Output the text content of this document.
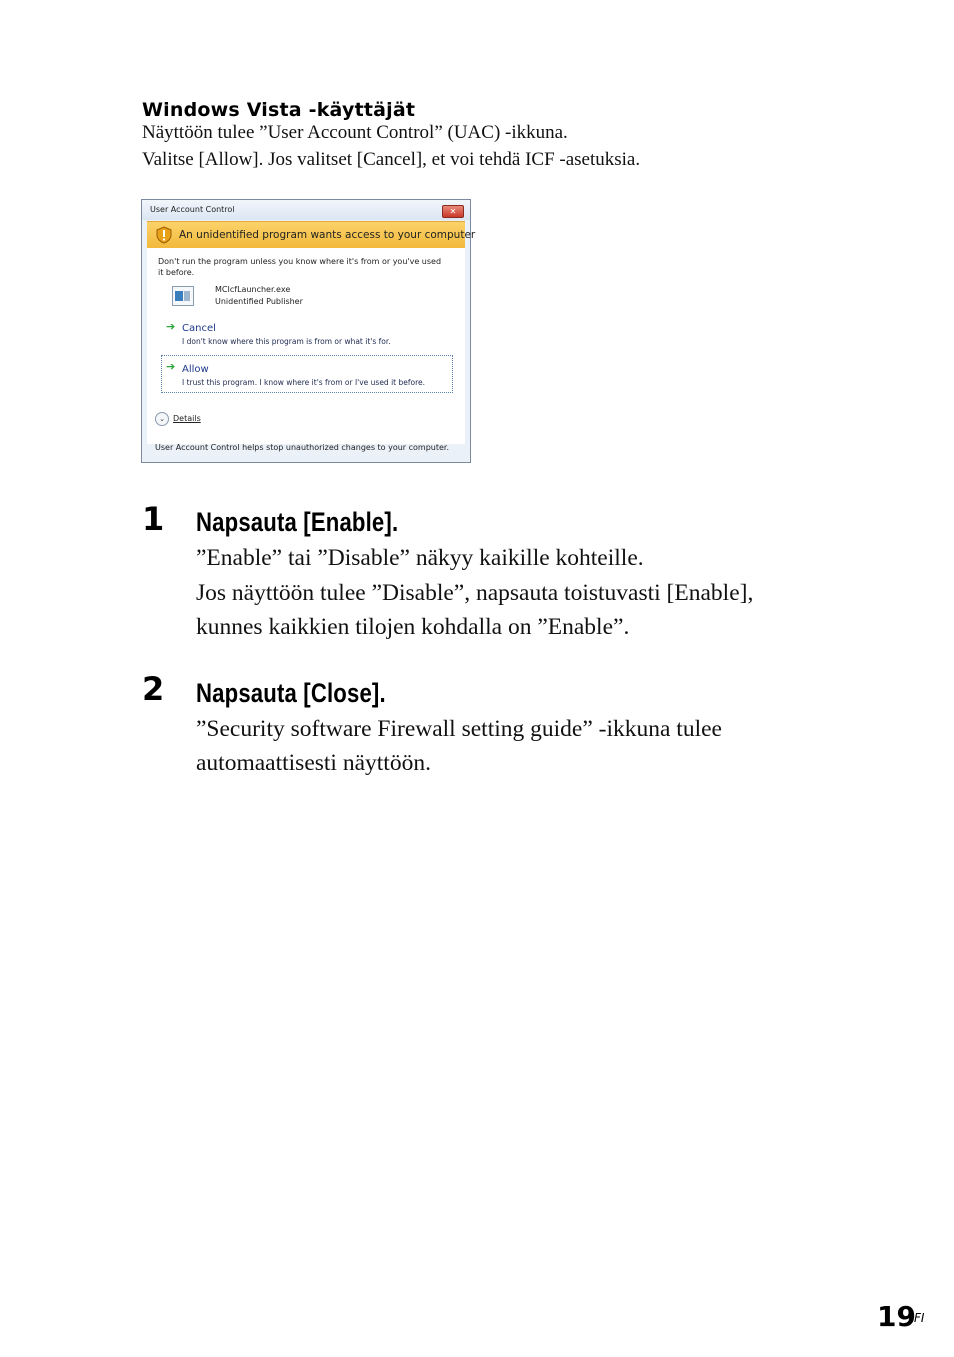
Windows Vista -käyttäjät
Näyttöön tulee ”User Account Control” (UAC) -ikkuna.
Valitse [Allow]. Jos valitset [Cancel], et voi tehdä ICF -asetuksia.
User Account Control	✕
An unidentified program wants access to your computer
Don't run the program unless you know where it's from or you've used it before.
MCIcfLauncher.exe
Unidentified Publisher
➔ Cancel
I don't know where this program is from or what it's for.
➔ Allow
I trust this program. I know where it's from or I've used it before.
⌄	Details
User Account Control helps stop unauthorized changes to your computer.
1 Napsauta [Enable].
”Enable” tai ”Disable” näkyy kaikille kohteille.
Jos näyttöön tulee ”Disable”, napsauta toistuvasti [Enable],
kunnes kaikkien tilojen kohdalla on ”Enable”.
2 Napsauta [Close].
”Security software Firewall setting guide” -ikkuna tulee
automaattisesti näyttöön.
19
FI
